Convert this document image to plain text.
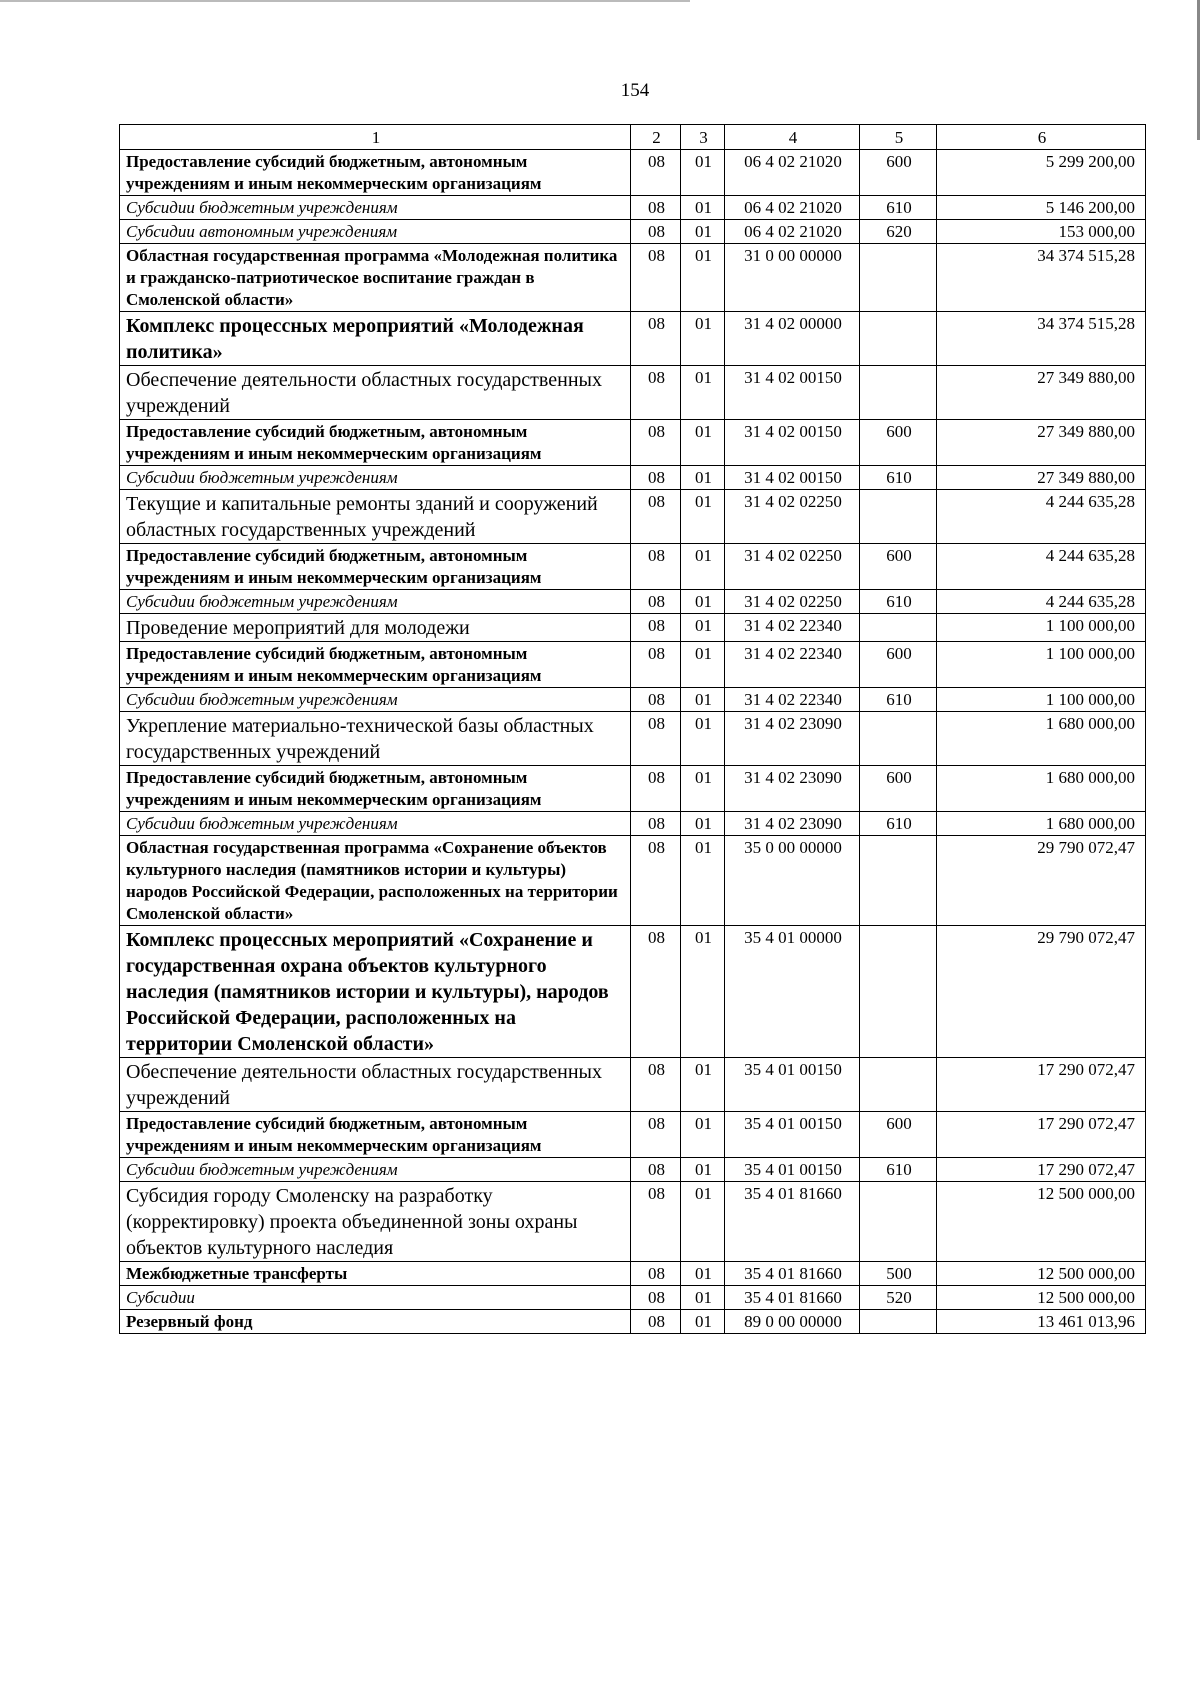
154
1	2	3	4	5	6
Предоставление субсидий бюджетным, автономным учреждениям и иным некоммерческим организациям	08	01	06 4 02 21020	600	5 299 200,00
Субсидии бюджетным учреждениям	08	01	06 4 02 21020	610	5 146 200,00
Субсидии автономным учреждениям	08	01	06 4 02 21020	620	153 000,00
Областная государственная программа «Молодежная политика и гражданско-патриотическое воспитание граждан в Смоленской области»	08	01	31 0 00 00000		34 374 515,28
Комплекс процессных мероприятий «Молодежная политика»	08	01	31 4 02 00000		34 374 515,28
Обеспечение деятельности областных государственных учреждений	08	01	31 4 02 00150		27 349 880,00
Предоставление субсидий бюджетным, автономным учреждениям и иным некоммерческим организациям	08	01	31 4 02 00150	600	27 349 880,00
Субсидии бюджетным учреждениям	08	01	31 4 02 00150	610	27 349 880,00
Текущие и капитальные ремонты зданий и сооружений областных государственных учреждений	08	01	31 4 02 02250		4 244 635,28
Предоставление субсидий бюджетным, автономным учреждениям и иным некоммерческим организациям	08	01	31 4 02 02250	600	4 244 635,28
Субсидии бюджетным учреждениям	08	01	31 4 02 02250	610	4 244 635,28
Проведение мероприятий для молодежи	08	01	31 4 02 22340		1 100 000,00
Предоставление субсидий бюджетным, автономным учреждениям и иным некоммерческим организациям	08	01	31 4 02 22340	600	1 100 000,00
Субсидии бюджетным учреждениям	08	01	31 4 02 22340	610	1 100 000,00
Укрепление материально-технической базы областных государственных учреждений	08	01	31 4 02 23090		1 680 000,00
Предоставление субсидий бюджетным, автономным учреждениям и иным некоммерческим организациям	08	01	31 4 02 23090	600	1 680 000,00
Субсидии бюджетным учреждениям	08	01	31 4 02 23090	610	1 680 000,00
Областная государственная программа «Сохранение объектов культурного наследия (памятников истории и культуры) народов Российской Федерации, расположенных на территории Смоленской области»	08	01	35 0 00 00000		29 790 072,47
Комплекс процессных мероприятий «Сохранение и государственная охрана объектов культурного наследия (памятников истории и культуры), народов Российской Федерации, расположенных на территории Смоленской области»	08	01	35 4 01 00000		29 790 072,47
Обеспечение деятельности областных государственных учреждений	08	01	35 4 01 00150		17 290 072,47
Предоставление субсидий бюджетным, автономным учреждениям и иным некоммерческим организациям	08	01	35 4 01 00150	600	17 290 072,47
Субсидии бюджетным учреждениям	08	01	35 4 01 00150	610	17 290 072,47
Субсидия городу Смоленску на разработку (корректировку) проекта объединенной зоны охраны объектов культурного наследия	08	01	35 4 01 81660		12 500 000,00
Межбюджетные трансферты	08	01	35 4 01 81660	500	12 500 000,00
Субсидии	08	01	35 4 01 81660	520	12 500 000,00
Резервный фонд	08	01	89 0 00 00000		13 461 013,96
